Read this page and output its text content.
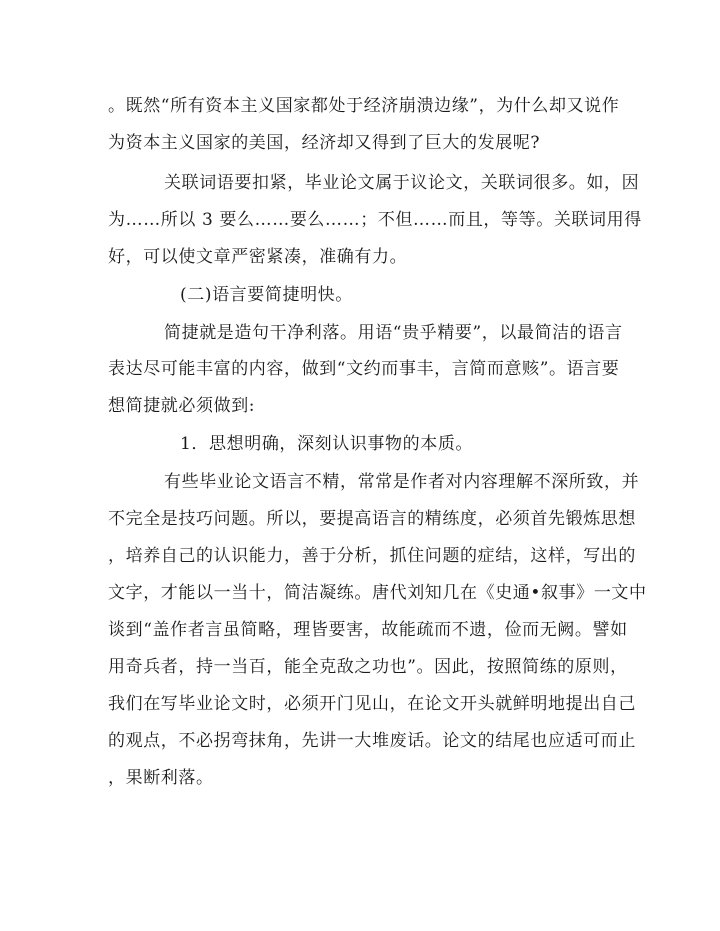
。既然“所有资本主义国家都处于经济崩溃边缘”，为什么却又说作
为资本主义国家的美国，经济却又得到了巨大的发展呢?
关联词语要扣紧，毕业论文属于议论文，关联词很多。如，因
为……所以 3 要么……要么……；不但……而且，等等。关联词用得
好，可以使文章严密紧凑，准确有力。
(二)语言要简捷明快。
简捷就是造句干净利落。用语“贵乎精要”，以最简洁的语言
表达尽可能丰富的内容，做到“文约而事丰，言简而意赅”。语言要
想简捷就必须做到:
1．思想明确，深刻认识事物的本质。
有些毕业论文语言不精，常常是作者对内容理解不深所致，并
不完全是技巧问题。所以，要提高语言的精练度，必须首先锻炼思想
，培养自己的认识能力，善于分析，抓住问题的症结，这样，写出的
文字，才能以一当十，简洁凝练。唐代刘知几在《史通•叙事》一文中
谈到“盖作者言虽简略，理皆要害，故能疏而不遗，俭而无阙。譬如
用奇兵者，持一当百，能全克敌之功也”。因此，按照简练的原则，
我们在写毕业论文时，必须开门见山，在论文开头就鲜明地提出自己
的观点，不必拐弯抹角，先讲一大堆废话。论文的结尾也应适可而止
，果断利落。
